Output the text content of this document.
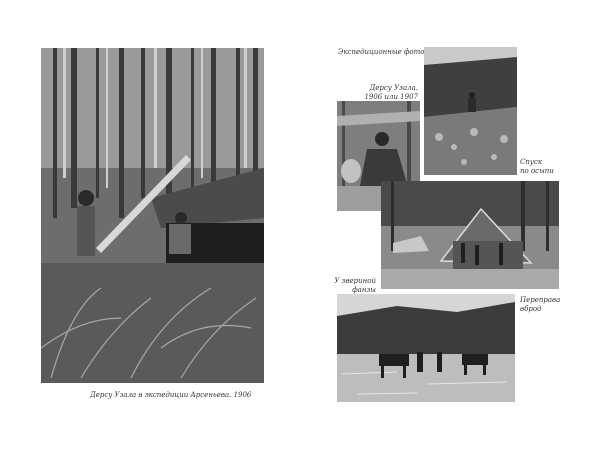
Дерсу Узала в экспедиции Арсеньева. 1906
Экспедиционные фото
Дерсу Узала.
1906 или 1907
Спуск
по осыпи
У звериной
фанзы
Переправа
вброд
